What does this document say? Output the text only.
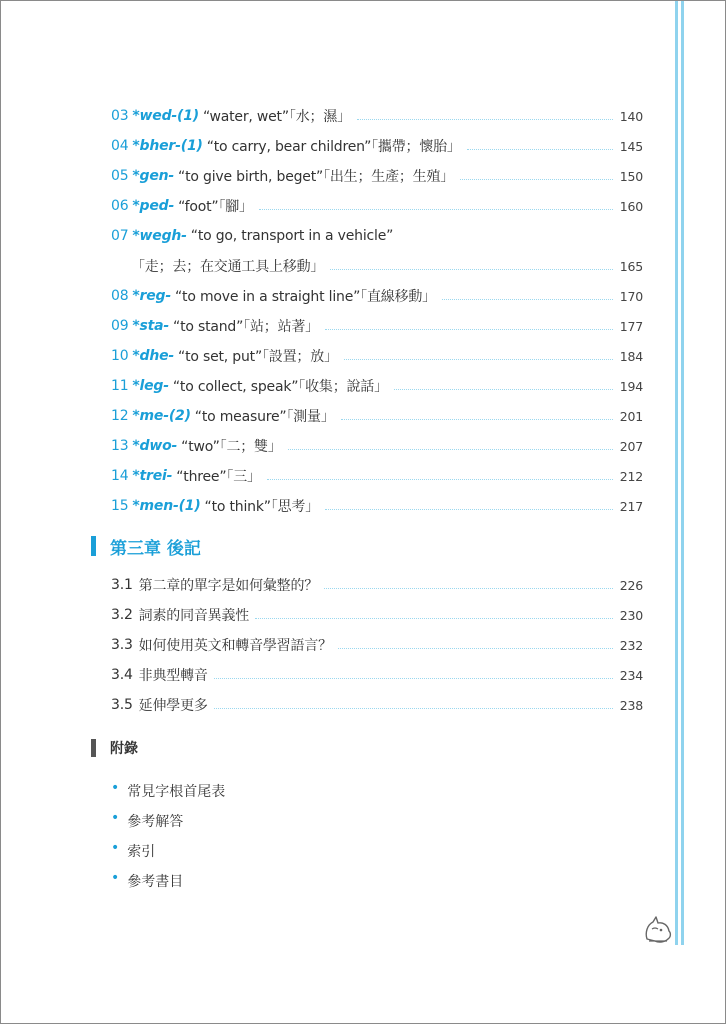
03 *wed-(1) “water, wet”「水；濕」	140
04 *bher-(1) “to carry, bear children”「攜帶；懷胎」	145
05 *gen- “to give birth, beget”「出生；生產；生殖」	150
06 *ped- “foot”「腳」	160
07 *wegh- “to go, transport in a vehicle”
「走；去；在交通工具上移動」	165
08 *reg- “to move in a straight line”「直線移動」	170
09 *sta- “to stand”「站；站著」	177
10 *dhe- “to set, put”「設置；放」	184
11 *leg- “to collect, speak”「收集；說話」	194
12 *me-(2) “to measure”「測量」	201
13 *dwo- “two”「二；雙」	207
14 *trei- “three”「三」	212
15 *men-(1) “to think”「思考」	217
第三章 後記
3.1 第二章的單字是如何彙整的？	226
3.2 詞素的同音異義性	230
3.3 如何使用英文和轉音學習語言？	232
3.4 非典型轉音	234
3.5 延伸學更多	238
附錄
• 常見字根首尾表
• 參考解答
• 索引
• 參考書目
